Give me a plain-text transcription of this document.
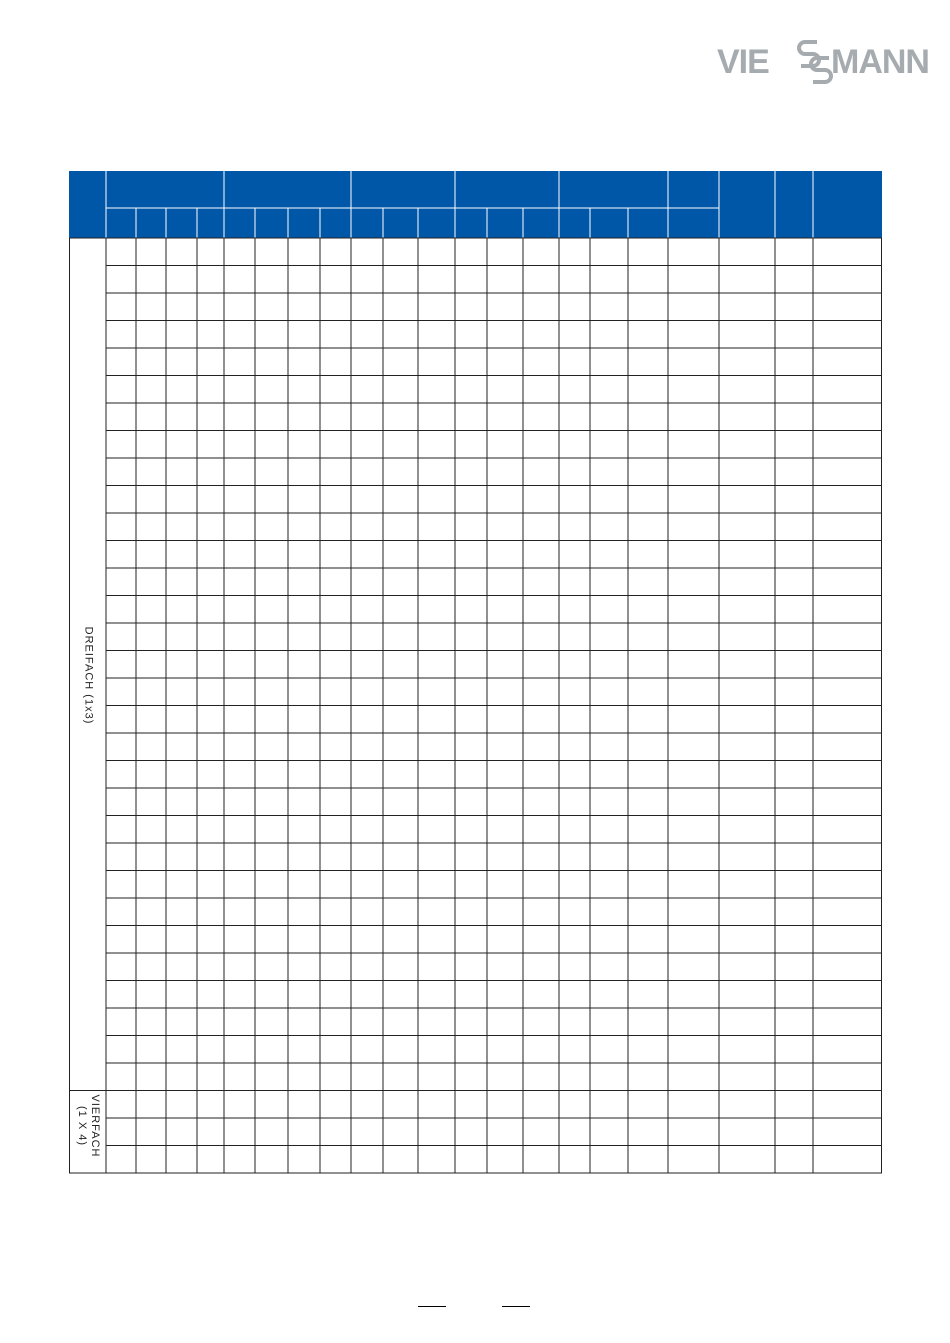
VIE MANN
DREIFACH (1x3)
VIERFACH
(1 X 4)
